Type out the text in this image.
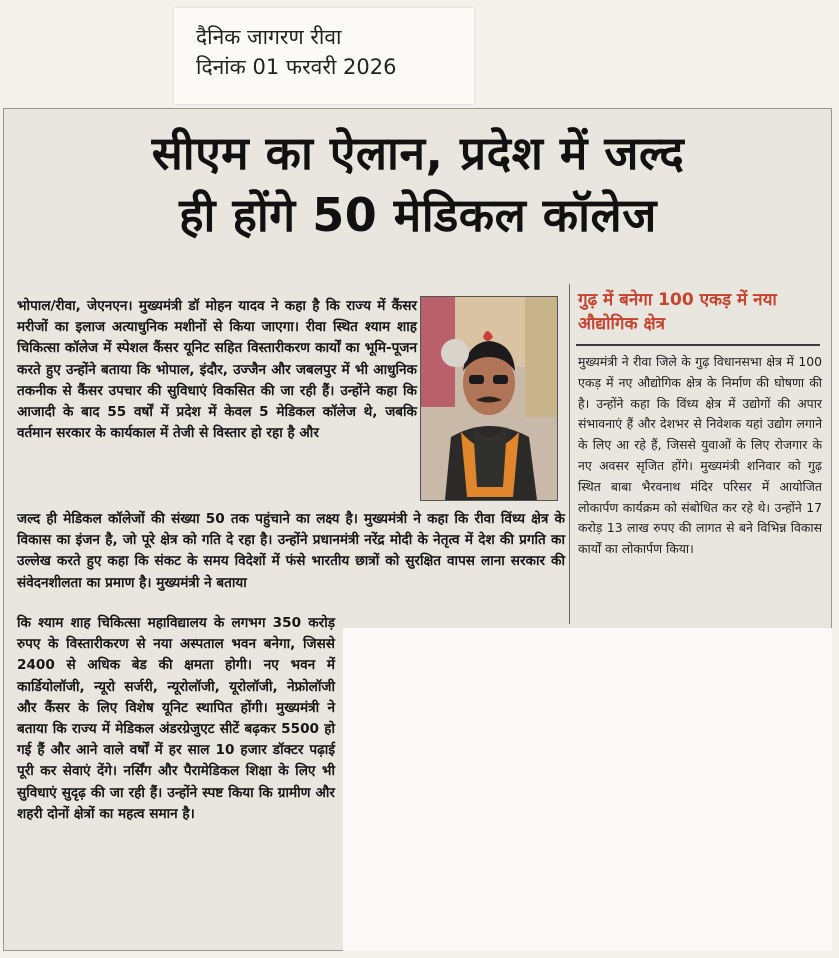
दैनिक जागरण रीवा
दिनांक 01 फरवरी 2026
सीएम का ऐलान, प्रदेश में जल्द
ही होंगे 50 मेडिकल कॉलेज
भोपाल/रीवा, जेएनएन। मुख्यमंत्री डॉ मोहन यादव ने कहा है कि राज्य में कैंसर मरीजों का इलाज अत्याधुनिक मशीनों से किया जाएगा। रीवा स्थित श्याम शाह चिकित्सा कॉलेज में स्पेशल कैंसर यूनिट सहित विस्तारीकरण कार्यों का भूमि-पूजन करते हुए उन्होंने बताया कि भोपाल, इंदौर, उज्जैन और जबलपुर में भी आधुनिक तकनीक से कैंसर उपचार की सुविधाएं विकसित की जा रही हैं। उन्होंने कहा कि आजादी के बाद 55 वर्षों में प्रदेश में केवल 5 मेडिकल कॉलेज थे, जबकि वर्तमान सरकार के कार्यकाल में तेजी से विस्तार हो रहा है और
जल्द ही मेडिकल कॉलेजों की संख्या 50 तक पहुंचाने का लक्ष्य है। मुख्यमंत्री ने कहा कि रीवा विंध्य क्षेत्र के विकास का इंजन है, जो पूरे क्षेत्र को गति दे रहा है। उन्होंने प्रधानमंत्री नरेंद्र मोदी के नेतृत्व में देश की प्रगति का उल्लेख करते हुए कहा कि संकट के समय विदेशों में फंसे भारतीय छात्रों को सुरक्षित वापस लाना सरकार की संवेदनशीलता का प्रमाण है। मुख्यमंत्री ने बताया
कि श्याम शाह चिकित्सा महाविद्यालय के लगभग 350 करोड़ रुपए के विस्तारीकरण से नया अस्पताल भवन बनेगा, जिससे 2400 से अधिक बेड की क्षमता होगी। नए भवन में कार्डियोलॉजी, न्यूरो सर्जरी, न्यूरोलॉजी, यूरोलॉजी, नेफ्रोलॉजी और कैंसर के लिए विशेष यूनिट स्थापित होंगी। मुख्यमंत्री ने बताया कि राज्य में मेडिकल अंडरग्रेजुएट सीटें बढ़कर 5500 हो गई हैं और आने वाले वर्षों में हर साल 10 हजार डॉक्टर पढ़ाई पूरी कर सेवाएं देंगे। नर्सिंग और पैरामेडिकल शिक्षा के लिए भी सुविधाएं सुदृढ़ की जा रही हैं। उन्होंने स्पष्ट किया कि ग्रामीण और शहरी दोनों क्षेत्रों का महत्व समान है।
गुढ़ में बनेगा 100 एकड़ में नया औद्योगिक क्षेत्र
मुख्यमंत्री ने रीवा जिले के गुढ़ विधानसभा क्षेत्र में 100 एकड़ में नए औद्योगिक क्षेत्र के निर्माण की घोषणा की है। उन्होंने कहा कि विंध्य क्षेत्र में उद्योगों की अपार संभावनाएं हैं और देशभर से निवेशक यहां उद्योग लगाने के लिए आ रहे हैं, जिससे युवाओं के लिए रोजगार के नए अवसर सृजित होंगे। मुख्यमंत्री शनिवार को गुढ़ स्थित बाबा भैरवनाथ मंदिर परिसर में आयोजित लोकार्पण कार्यक्रम को संबोधित कर रहे थे। उन्होंने 17 करोड़ 13 लाख रुपए की लागत से बने विभिन्न विकास कार्यों का लोकार्पण किया।
